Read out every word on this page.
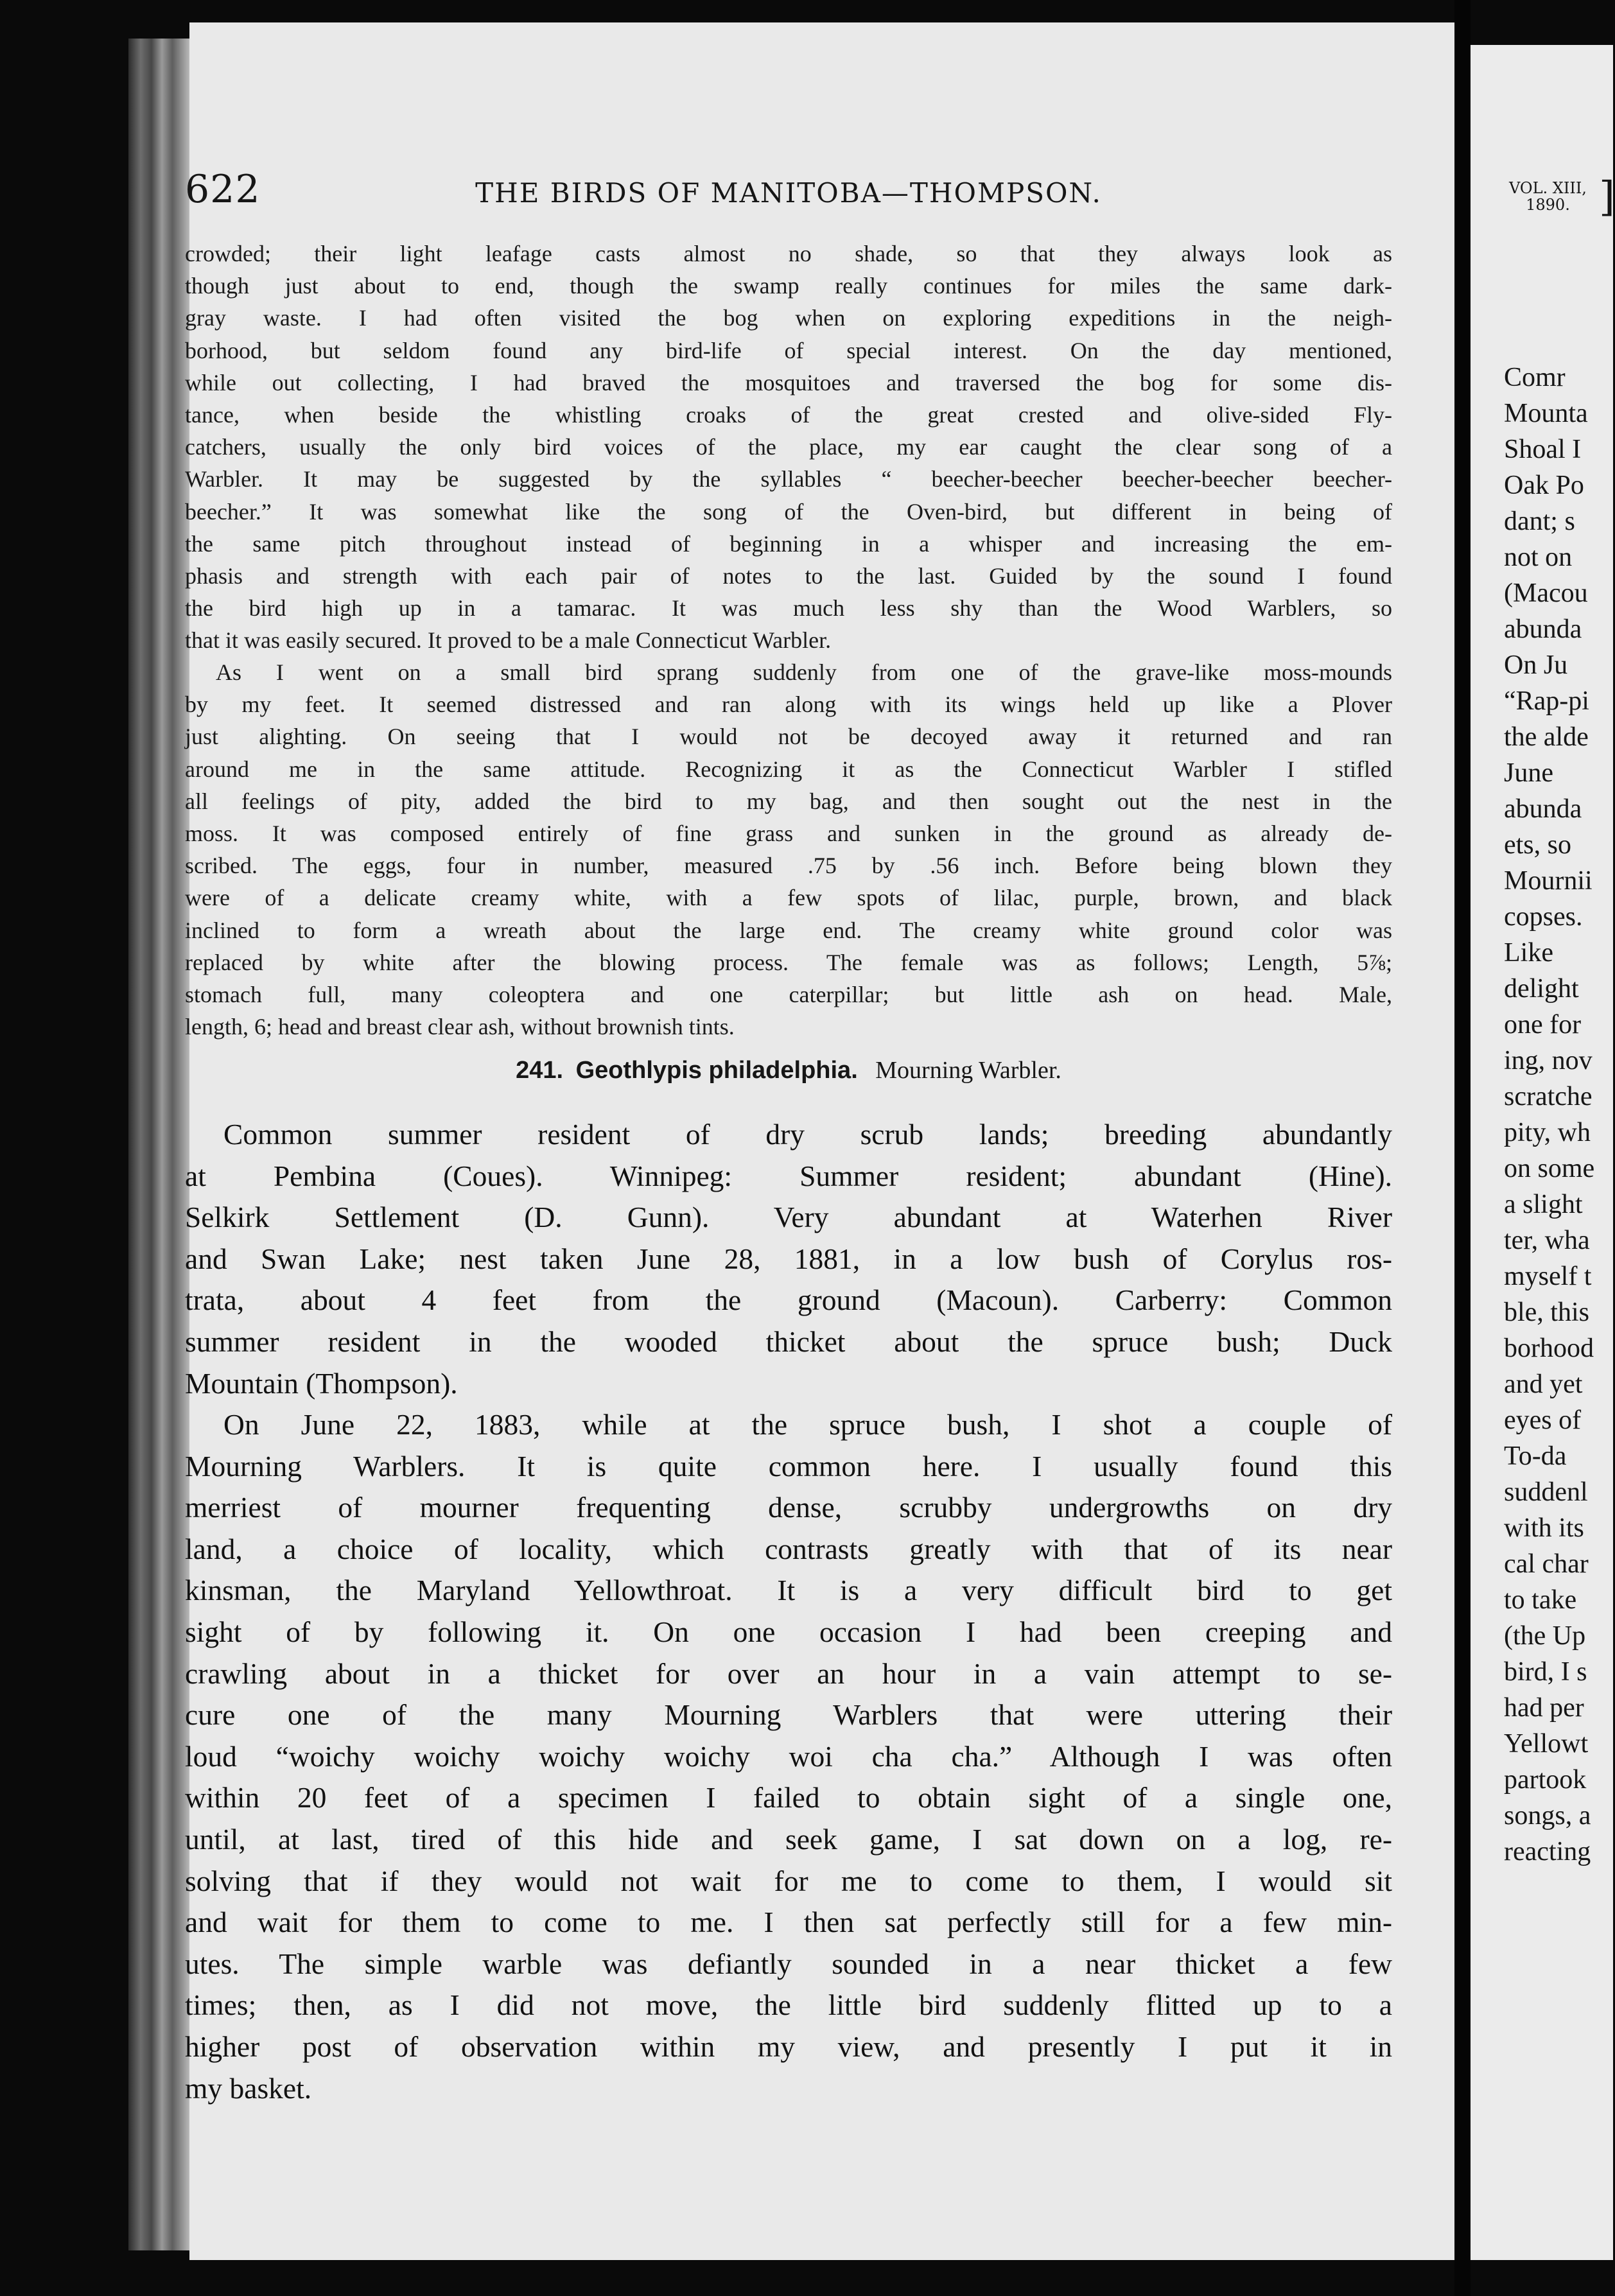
622	THE BIRDS OF MANITOBA—THOMPSON.
crowded; their light leafage casts almost no shade, so that they always look as
though just about to end, though the swamp really continues for miles the same dark-
gray waste. I had often visited the bog when on exploring expeditions in the neigh-
borhood, but seldom found any bird-life of special interest. On the day mentioned,
while out collecting, I had braved the mosquitoes and traversed the bog for some dis-
tance, when beside the whistling croaks of the great crested and olive-sided Fly-
catchers, usually the only bird voices of the place, my ear caught the clear song of a
Warbler. It may be suggested by the syllables “ beecher-beecher beecher-beecher beecher-
beecher.” It was somewhat like the song of the Oven-bird, but different in being of
the same pitch throughout instead of beginning in a whisper and increasing the em-
phasis and strength with each pair of notes to the last. Guided by the sound I found
the bird high up in a tamarac. It was much less shy than the Wood Warblers, so
that it was easily secured. It proved to be a male Connecticut Warbler.
As I went on a small bird sprang suddenly from one of the grave-like moss-mounds
by my feet. It seemed distressed and ran along with its wings held up like a Plover
just alighting. On seeing that I would not be decoyed away it returned and ran
around me in the same attitude. Recognizing it as the Connecticut Warbler I stifled
all feelings of pity, added the bird to my bag, and then sought out the nest in the
moss. It was composed entirely of fine grass and sunken in the ground as already de-
scribed. The eggs, four in number, measured .75 by .56 inch. Before being blown they
were of a delicate creamy white, with a few spots of lilac, purple, brown, and black
inclined to form a wreath about the large end. The creamy white ground color was
replaced by white after the blowing process. The female was as follows; Length, 5⅞;
stomach full, many coleoptera and one caterpillar; but little ash on head. Male,
length, 6; head and breast clear ash, without brownish tints.
241. Geothlypis philadelphia. Mourning Warbler.
Common summer resident of dry scrub lands; breeding abundantly
at Pembina (Coues). Winnipeg: Summer resident; abundant (Hine).
Selkirk Settlement (D. Gunn). Very abundant at Waterhen River
and Swan Lake; nest taken June 28, 1881, in a low bush of Corylus ros-
trata, about 4 feet from the ground (Macoun). Carberry: Common
summer resident in the wooded thicket about the spruce bush; Duck
Mountain (Thompson).
On June 22, 1883, while at the spruce bush, I shot a couple of
Mourning Warblers. It is quite common here. I usually found this
merriest of mourner frequenting dense, scrubby undergrowths on dry
land, a choice of locality, which contrasts greatly with that of its near
kinsman, the Maryland Yellowthroat. It is a very difficult bird to get
sight of by following it. On one occasion I had been creeping and
crawling about in a thicket for over an hour in a vain attempt to se-
cure one of the many Mourning Warblers that were uttering their
loud “woichy woichy woichy woichy woi cha cha.” Although I was often
within 20 feet of a specimen I failed to obtain sight of a single one,
until, at last, tired of this hide and seek game, I sat down on a log, re-
solving that if they would not wait for me to come to them, I would sit
and wait for them to come to me. I then sat perfectly still for a few min-
utes. The simple warble was defiantly sounded in a near thicket a few
times; then, as I did not move, the little bird suddenly flitted up to a
higher post of observation within my view, and presently I put it in
my basket.
VOL. XIII,
1890. ]
Comr
Mounta
Shoal I
Oak Po
dant; s
not on
(Macou
abunda
On Ju
“Rap-pi
the alde
June
abunda
ets, so
Mournii
copses.
Like
delight
one for
ing, nov
scratche
pity, wh
on some
a slight
ter, wha
myself t
ble, this
borhood
and yet
eyes of
To-da
suddenl
with its
cal char
to take
(the Up
bird, I s
had per
Yellowt
partook
songs, a
reacting
